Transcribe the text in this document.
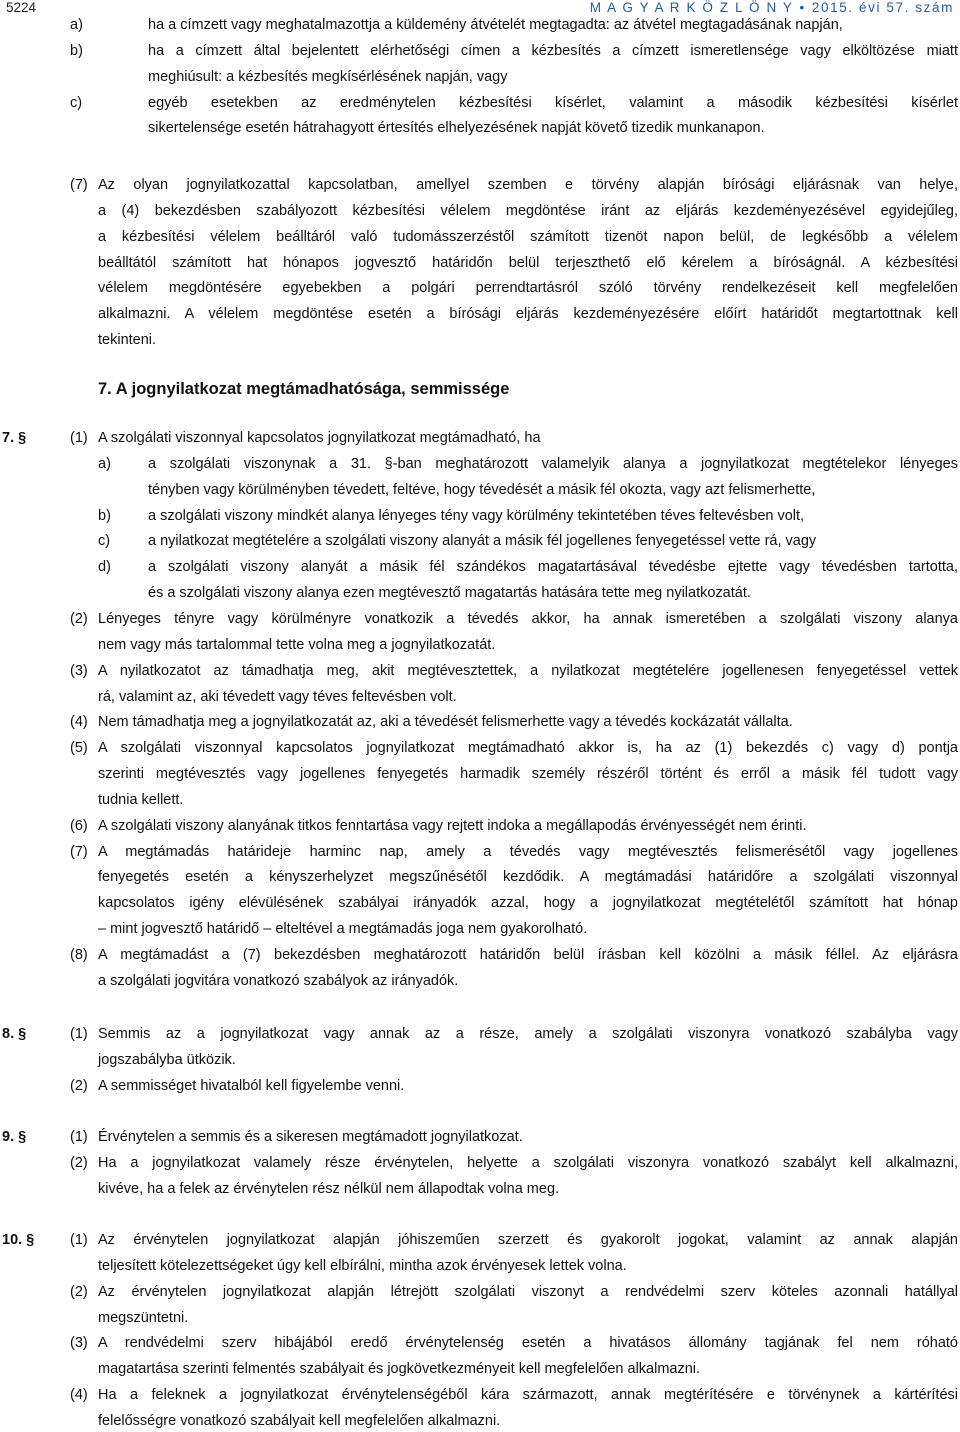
5224	M A G Y A R K Ö Z L Ö N Y • 2015. évi 57. szám
a)	ha a címzett vagy meghatalmazottja a küldemény átvételét megtagadta: az átvétel megtagadásának napján,
b)	ha a címzett által bejelentett elérhetőségi címen a kézbesítés a címzett ismeretlensége vagy elköltözése miatt
meghiúsult: a kézbesítés megkísérlésének napján, vagy
c)	egyéb esetekben az eredménytelen kézbesítési kísérlet, valamint a második kézbesítési kísérlet
sikertelensége esetén hátrahagyott értesítés elhelyezésének napját követő tizedik munkanapon.
(7) Az olyan jognyilatkozattal kapcsolatban, amellyel szemben e törvény alapján bírósági eljárásnak van helye,
a (4) bekezdésben szabályozott kézbesítési vélelem megdöntése iránt az eljárás kezdeményezésével egyidejűleg,
a kézbesítési vélelem beálltáról való tudomásszerzéstől számított tizenöt napon belül, de legkésőbb a vélelem
beálltától számított hat hónapos jogvesztő határidőn belül terjeszthető elő kérelem a bíróságnál. A kézbesítési
vélelem megdöntésére egyebekben a polgári perrendtartásról szóló törvény rendelkezéseit kell megfelelően
alkalmazni. A vélelem megdöntése esetén a bírósági eljárás kezdeményezésére előírt határidőt megtartottnak kell
tekinteni.
7. A jognyilatkozat megtámadhatósága, semmissége
7. §	(1) A szolgálati viszonnyal kapcsolatos jognyilatkozat megtámadható, ha
a)	a szolgálati viszonynak a 31. §-ban meghatározott valamelyik alanya a jognyilatkozat megtételekor lényeges
tényben vagy körülményben tévedett, feltéve, hogy tévedését a másik fél okozta, vagy azt felismerhette,
b)	a szolgálati viszony mindkét alanya lényeges tény vagy körülmény tekintetében téves feltevésben volt,
c)	a nyilatkozat megtételére a szolgálati viszony alanyát a másik fél jogellenes fenyegetéssel vette rá, vagy
d)	a szolgálati viszony alanyát a másik fél szándékos magatartásával tévedésbe ejtette vagy tévedésben tartotta,
és a szolgálati viszony alanya ezen megtévesztő magatartás hatására tette meg nyilatkozatát.
(2) Lényeges tényre vagy körülményre vonatkozik a tévedés akkor, ha annak ismeretében a szolgálati viszony alanya
nem vagy más tartalommal tette volna meg a jognyilatkozatát.
(3) A nyilatkozatot az támadhatja meg, akit megtévesztettek, a nyilatkozat megtételére jogellenesen fenyegetéssel vettek
rá, valamint az, aki tévedett vagy téves feltevésben volt.
(4) Nem támadhatja meg a jognyilatkozatát az, aki a tévedését felismerhette vagy a tévedés kockázatát vállalta.
(5) A szolgálati viszonnyal kapcsolatos jognyilatkozat megtámadható akkor is, ha az (1) bekezdés c) vagy d) pontja
szerinti megtévesztés vagy jogellenes fenyegetés harmadik személy részéről történt és erről a másik fél tudott vagy
tudnia kellett.
(6) A szolgálati viszony alanyának titkos fenntartása vagy rejtett indoka a megállapodás érvényességét nem érinti.
(7) A megtámadás határideje harminc nap, amely a tévedés vagy megtévesztés felismerésétől vagy jogellenes
fenyegetés esetén a kényszerhelyzet megszűnésétől kezdődik. A megtámadási határidőre a szolgálati viszonnyal
kapcsolatos igény elévülésének szabályai irányadók azzal, hogy a jognyilatkozat megtételétől számított hat hónap
– mint jogvesztő határidő – elteltével a megtámadás joga nem gyakorolható.
(8) A megtámadást a (7) bekezdésben meghatározott határidőn belül írásban kell közölni a másik féllel. Az eljárásra
a szolgálati jogvitára vonatkozó szabályok az irányadók.
8. §	(1) Semmis az a jognyilatkozat vagy annak az a része, amely a szolgálati viszonyra vonatkozó szabályba vagy
jogszabályba ütközik.
(2) A semmisséget hivatalból kell figyelembe venni.
9. §	(1) Érvénytelen a semmis és a sikeresen megtámadott jognyilatkozat.
(2) Ha a jognyilatkozat valamely része érvénytelen, helyette a szolgálati viszonyra vonatkozó szabályt kell alkalmazni,
kivéve, ha a felek az érvénytelen rész nélkül nem állapodtak volna meg.
10. § (1) Az érvénytelen jognyilatkozat alapján jóhiszeműen szerzett és gyakorolt jogokat, valamint az annak alapján
teljesített kötelezettségeket úgy kell elbírálni, mintha azok érvényesek lettek volna.
(2) Az érvénytelen jognyilatkozat alapján létrejött szolgálati viszonyt a rendvédelmi szerv köteles azonnali hatállyal
megszüntetni.
(3) A rendvédelmi szerv hibájából eredő érvénytelenség esetén a hivatásos állomány tagjának fel nem róható
magatartása szerinti felmentés szabályait és jogkövetkezményeit kell megfelelően alkalmazni.
(4) Ha a feleknek a jognyilatkozat érvénytelenségéből kára származott, annak megtérítésére e törvénynek a kártérítési
felelősségre vonatkozó szabályait kell megfelelően alkalmazni.
